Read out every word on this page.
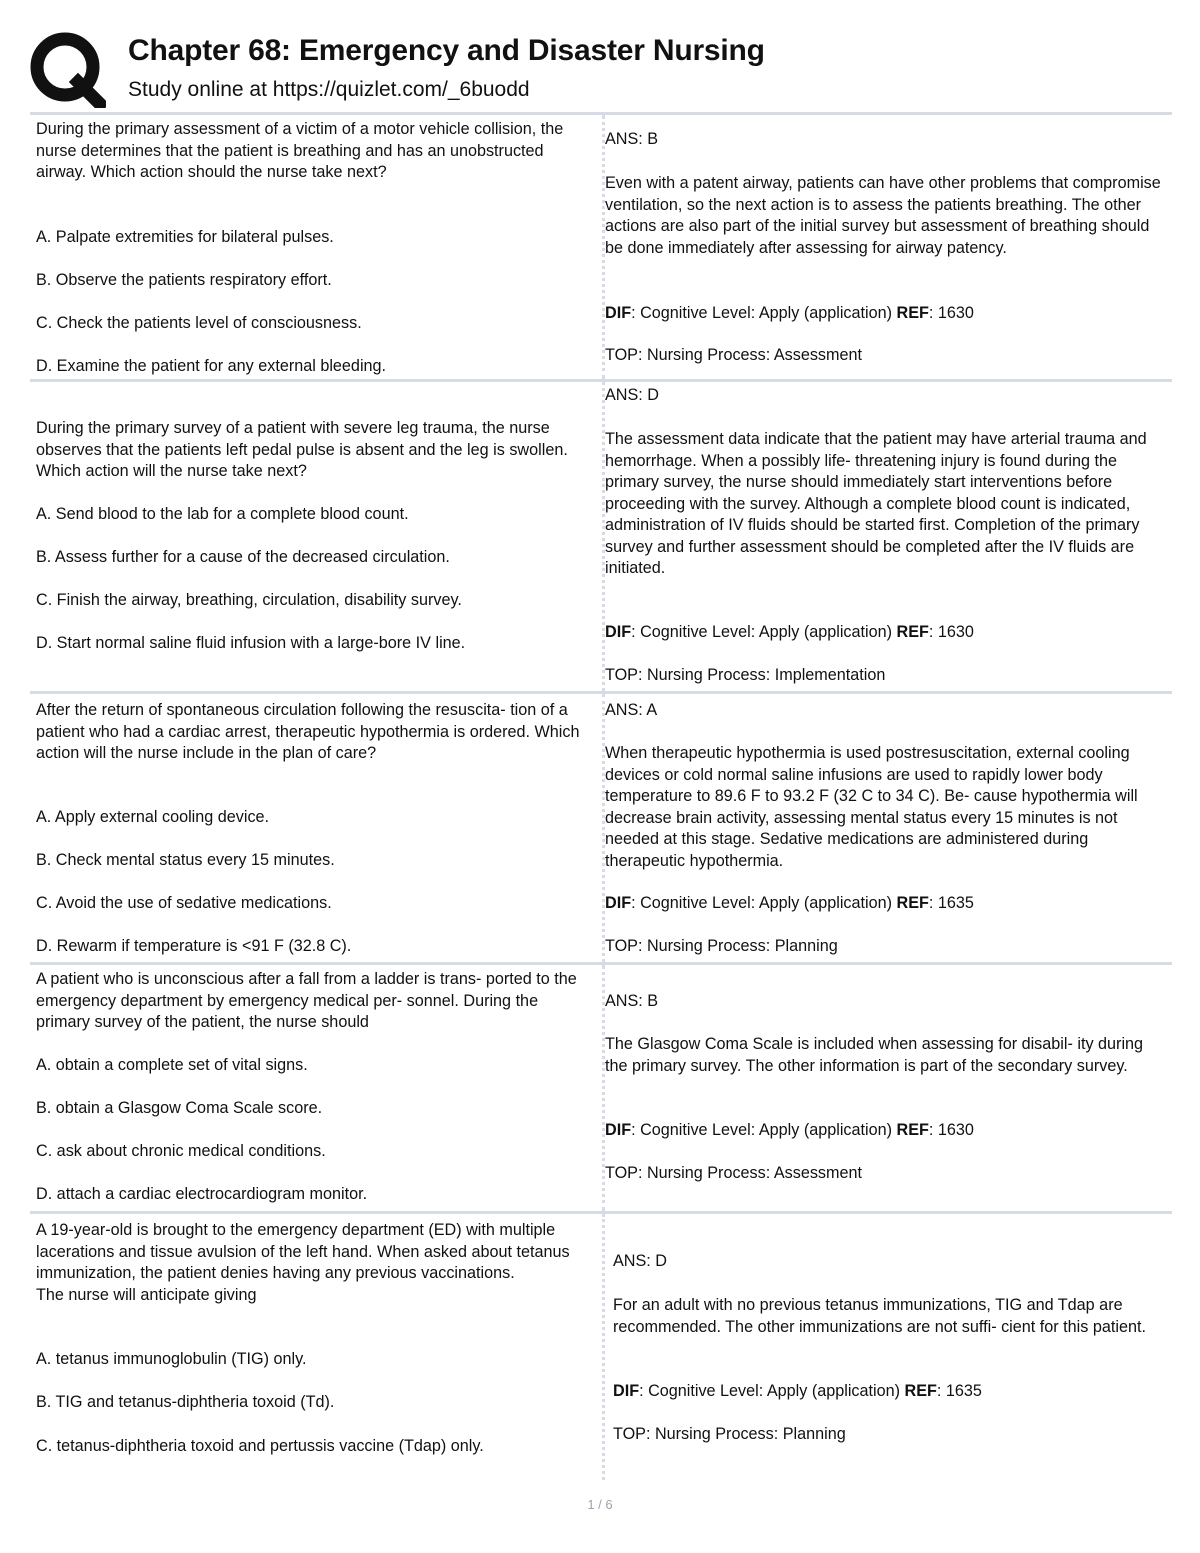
Chapter 68: Emergency and Disaster Nursing
Study online at https://quizlet.com/_6buodd

During the primary assessment of a victim of a motor vehicle collision, the nurse determines that the patient is breathing and has an unobstructed airway. Which action should the nurse take next?

A. Palpate extremities for bilateral pulses.

B. Observe the patients respiratory effort.

C. Check the patients level of consciousness.

D. Examine the patient for any external bleeding.

ANS: B

Even with a patent airway, patients can have other problems that compromise ventilation, so the next action is to assess the patients breathing. The other actions are also part of the initial survey but assessment of breathing should be done immediately after assessing for airway patency.

DIF: Cognitive Level: Apply (application) REF: 1630

TOP: Nursing Process: Assessment

During the primary survey of a patient with severe leg trauma, the nurse observes that the patients left pedal pulse is absent and the leg is swollen. Which action will the nurse take next?

A. Send blood to the lab for a complete blood count.

B. Assess further for a cause of the decreased circulation.

C. Finish the airway, breathing, circulation, disability survey.

D. Start normal saline fluid infusion with a large-bore IV line.

ANS: D

The assessment data indicate that the patient may have arterial trauma and hemorrhage. When a possibly life- threatening injury is found during the primary survey, the nurse should immediately start interventions before proceeding with the survey. Although a complete blood count is indicated, administration of IV fluids should be started first. Completion of the primary survey and further assessment should be completed after the IV fluids are initiated.

DIF: Cognitive Level: Apply (application) REF: 1630

TOP: Nursing Process: Implementation

After the return of spontaneous circulation following the resuscita- tion of a patient who had a cardiac arrest, therapeutic hypothermia is ordered. Which action will the nurse include in the plan of care?

A. Apply external cooling device.

B. Check mental status every 15 minutes.

C. Avoid the use of sedative medications.

D. Rewarm if temperature is <91 F (32.8 C).

ANS: A

When therapeutic hypothermia is used postresuscitation, external cooling devices or cold normal saline infusions are used to rapidly lower body temperature to 89.6 F to 93.2 F (32 C to 34 C). Be- cause hypothermia will decrease brain activity, assessing mental status every 15 minutes is not needed at this stage. Sedative medications are administered during therapeutic hypothermia.

DIF: Cognitive Level: Apply (application) REF: 1635

TOP: Nursing Process: Planning

A patient who is unconscious after a fall from a ladder is trans- ported to the emergency department by emergency medical per- sonnel. During the primary survey of the patient, the nurse should

A. obtain a complete set of vital signs.

B. obtain a Glasgow Coma Scale score.

C. ask about chronic medical conditions.

D. attach a cardiac electrocardiogram monitor.

ANS: B

The Glasgow Coma Scale is included when assessing for disabil- ity during the primary survey. The other information is part of the secondary survey.

DIF: Cognitive Level: Apply (application) REF: 1630

TOP: Nursing Process: Assessment

A 19-year-old is brought to the emergency department (ED) with multiple lacerations and tissue avulsion of the left hand. When asked about tetanus immunization, the patient denies having any previous vaccinations.
The nurse will anticipate giving

A. tetanus immunoglobulin (TIG) only.

B. TIG and tetanus-diphtheria toxoid (Td).

C. tetanus-diphtheria toxoid and pertussis vaccine (Tdap) only.

ANS: D

For an adult with no previous tetanus immunizations, TIG and Tdap are recommended. The other immunizations are not suffi- cient for this patient.

DIF: Cognitive Level: Apply (application) REF: 1635

TOP: Nursing Process: Planning

1 / 6
